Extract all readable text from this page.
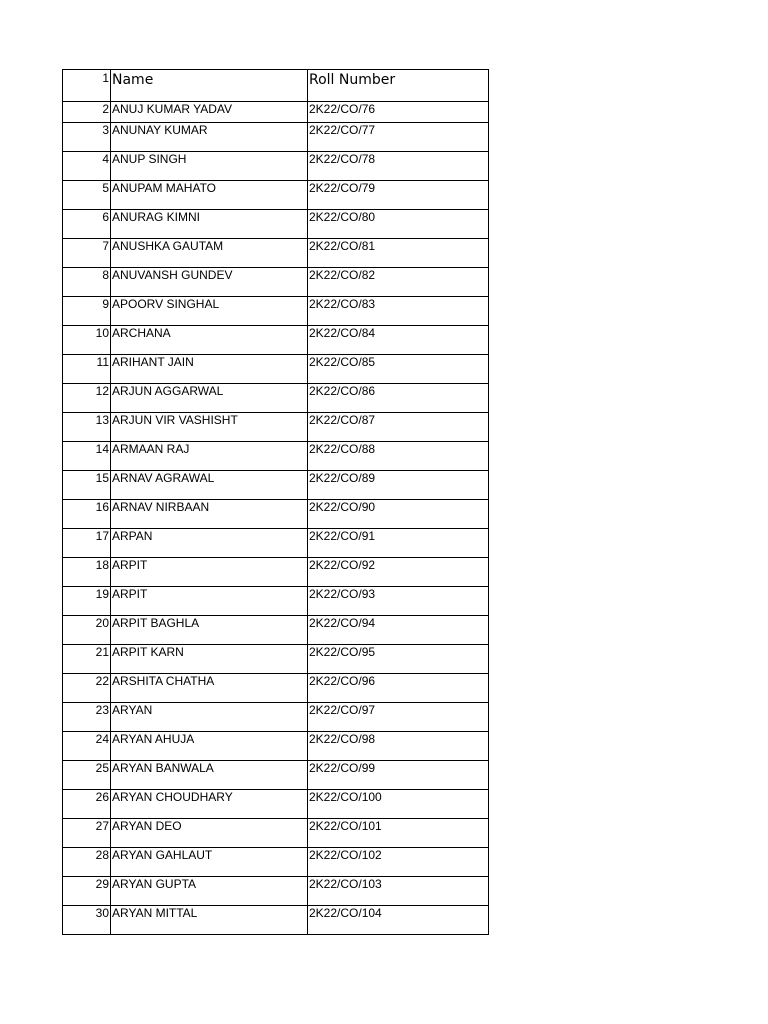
1	Name	Roll Number
2	ANUJ KUMAR YADAV	2K22/CO/76
3	ANUNAY KUMAR	2K22/CO/77
4	ANUP SINGH	2K22/CO/78
5	ANUPAM MAHATO	2K22/CO/79
6	ANURAG KIMNI	2K22/CO/80
7	ANUSHKA GAUTAM	2K22/CO/81
8	ANUVANSH GUNDEV	2K22/CO/82
9	APOORV SINGHAL	2K22/CO/83
10	ARCHANA	2K22/CO/84
11	ARIHANT JAIN	2K22/CO/85
12	ARJUN AGGARWAL	2K22/CO/86
13	ARJUN VIR VASHISHT	2K22/CO/87
14	ARMAAN RAJ	2K22/CO/88
15	ARNAV AGRAWAL	2K22/CO/89
16	ARNAV NIRBAAN	2K22/CO/90
17	ARPAN	2K22/CO/91
18	ARPIT	2K22/CO/92
19	ARPIT	2K22/CO/93
20	ARPIT BAGHLA	2K22/CO/94
21	ARPIT KARN	2K22/CO/95
22	ARSHITA CHATHA	2K22/CO/96
23	ARYAN	2K22/CO/97
24	ARYAN AHUJA	2K22/CO/98
25	ARYAN BANWALA	2K22/CO/99
26	ARYAN CHOUDHARY	2K22/CO/100
27	ARYAN DEO	2K22/CO/101
28	ARYAN GAHLAUT	2K22/CO/102
29	ARYAN GUPTA	2K22/CO/103
30	ARYAN MITTAL	2K22/CO/104
